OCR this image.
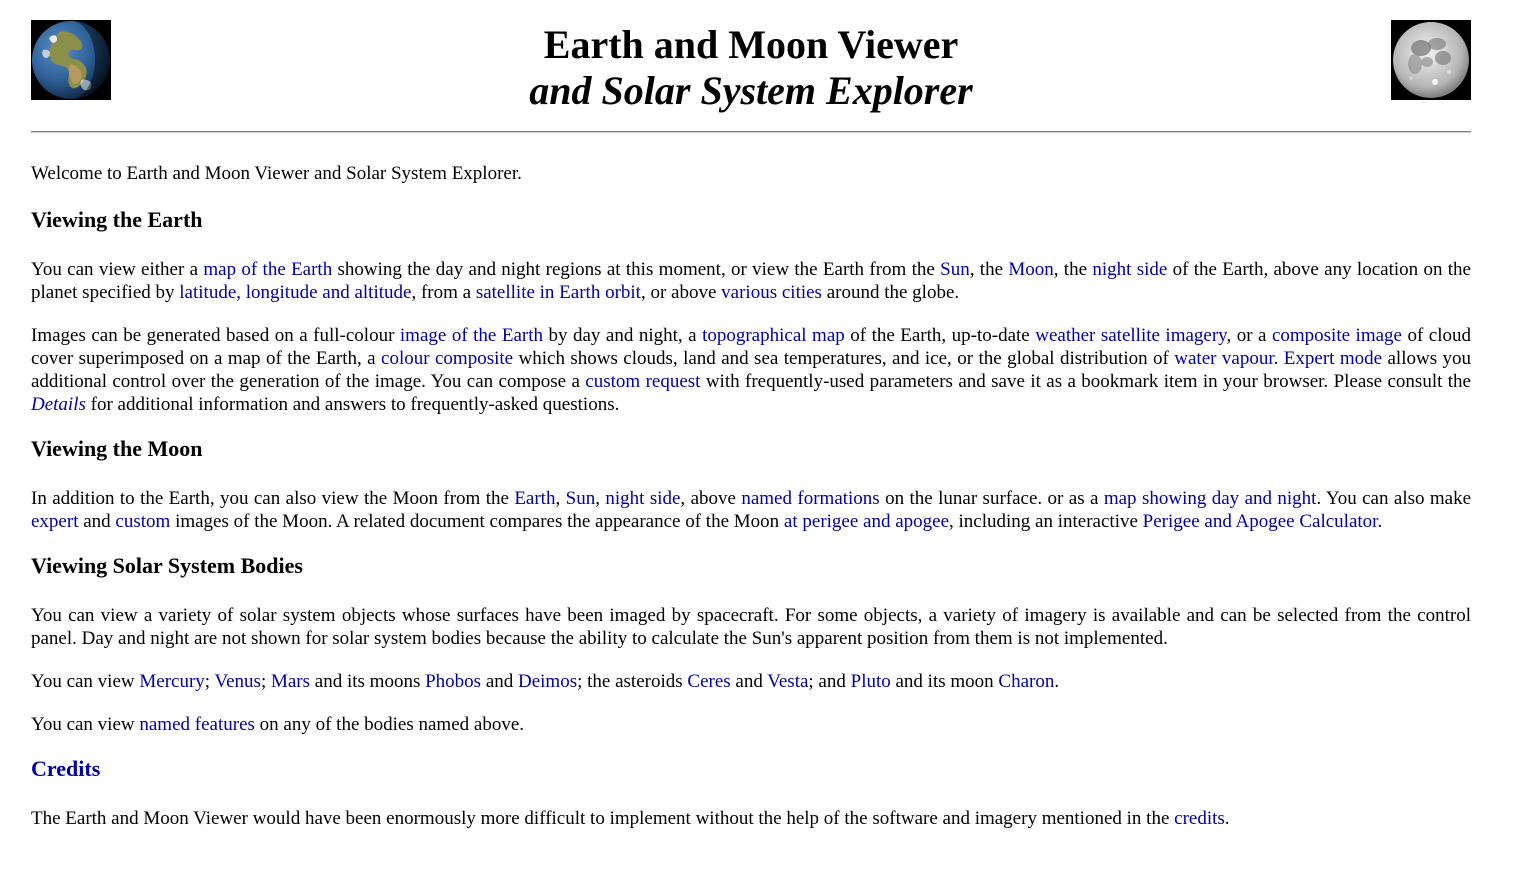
Earth and Moon Viewer
and Solar System Explorer

Welcome to Earth and Moon Viewer and Solar System Explorer.

Viewing the Earth

You can view either a map of the Earth showing the day and night regions at this moment, or view the Earth from the Sun, the Moon, the night side of the Earth, above any location on the planet specified by latitude, longitude and altitude, from a satellite in Earth orbit, or above various cities around the globe.

Images can be generated based on a full-colour image of the Earth by day and night, a topographical map of the Earth, up-to-date weather satellite imagery, or a composite image of cloud cover superimposed on a map of the Earth, a colour composite which shows clouds, land and sea temperatures, and ice, or the global distribution of water vapour. Expert mode allows you additional control over the generation of the image. You can compose a custom request with frequently-used parameters and save it as a bookmark item in your browser. Please consult the Details for additional information and answers to frequently-asked questions.

Viewing the Moon

In addition to the Earth, you can also view the Moon from the Earth, Sun, night side, above named formations on the lunar surface. or as a map showing day and night. You can also make expert and custom images of the Moon. A related document compares the appearance of the Moon at perigee and apogee, including an interactive Perigee and Apogee Calculator.

Viewing Solar System Bodies

You can view a variety of solar system objects whose surfaces have been imaged by spacecraft. For some objects, a variety of imagery is available and can be selected from the control panel. Day and night are not shown for solar system bodies because the ability to calculate the Sun's apparent position from them is not implemented.

You can view Mercury; Venus; Mars and its moons Phobos and Deimos; the asteroids Ceres and Vesta; and Pluto and its moon Charon.

You can view named features on any of the bodies named above.

Credits

The Earth and Moon Viewer would have been enormously more difficult to implement without the help of the software and imagery mentioned in the credits.
